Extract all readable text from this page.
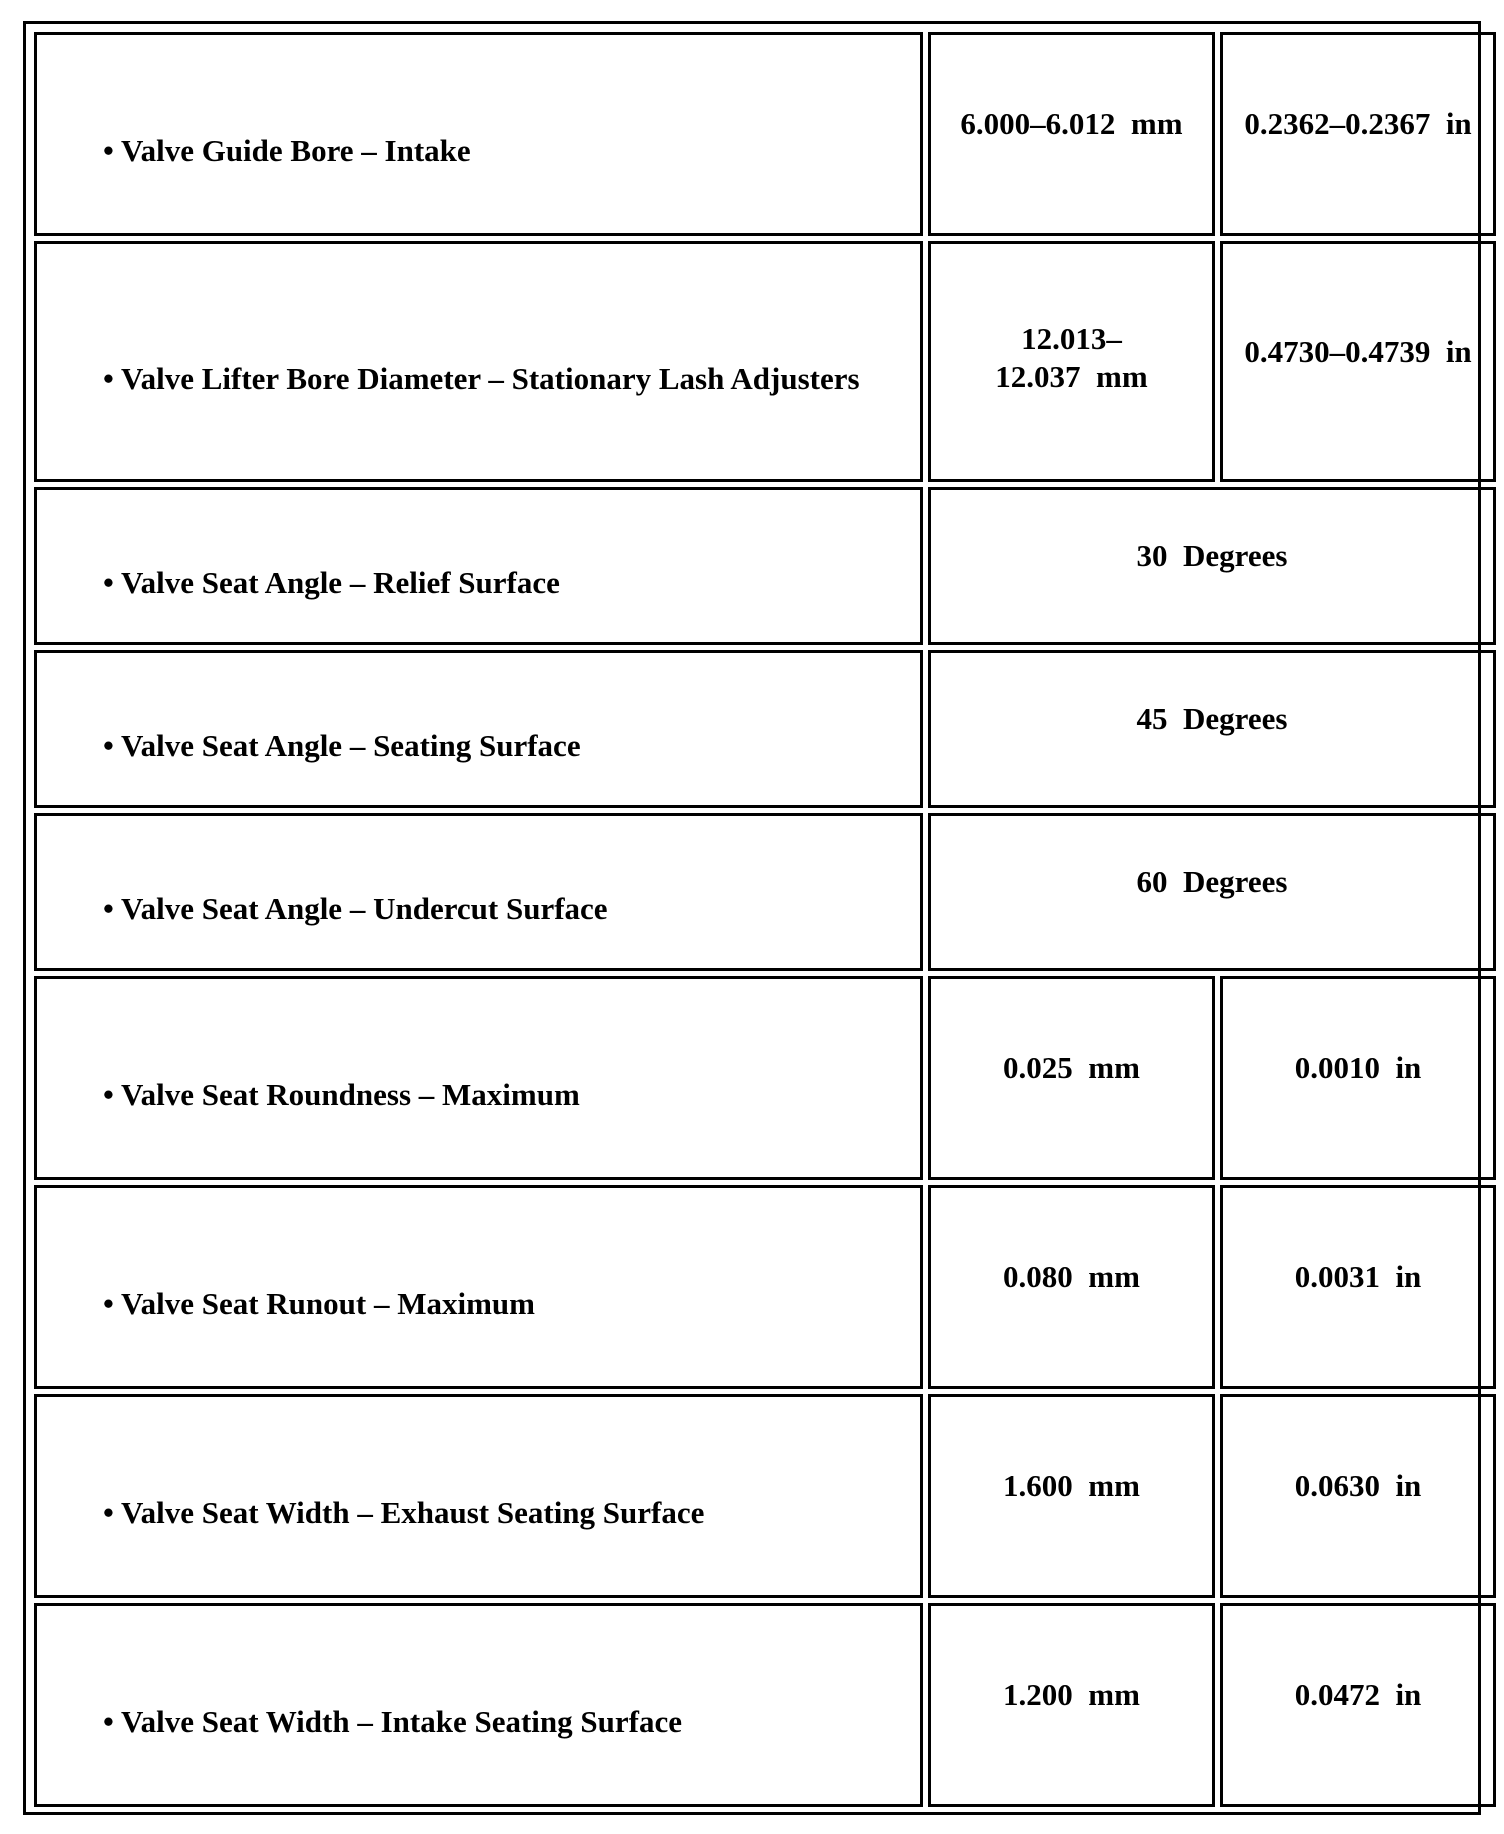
• Valve Guide Bore – Intake	6.000–6.012  mm	0.2362–0.2367  in

• Valve Lifter Bore Diameter – Stationary Lash Adjusters	12.013–
12.037  mm	0.4730–0.4739  in

• Valve Seat Angle – Relief Surface	30  Degrees	

• Valve Seat Angle – Seating Surface	45  Degrees	

• Valve Seat Angle – Undercut Surface	60  Degrees	

• Valve Seat Roundness – Maximum	0.025  mm	0.0010  in

• Valve Seat Runout – Maximum	0.080  mm	0.0031  in

• Valve Seat Width – Exhaust Seating Surface	1.600  mm	0.0630  in

• Valve Seat Width – Intake Seating Surface	1.200  mm	0.0472  in
